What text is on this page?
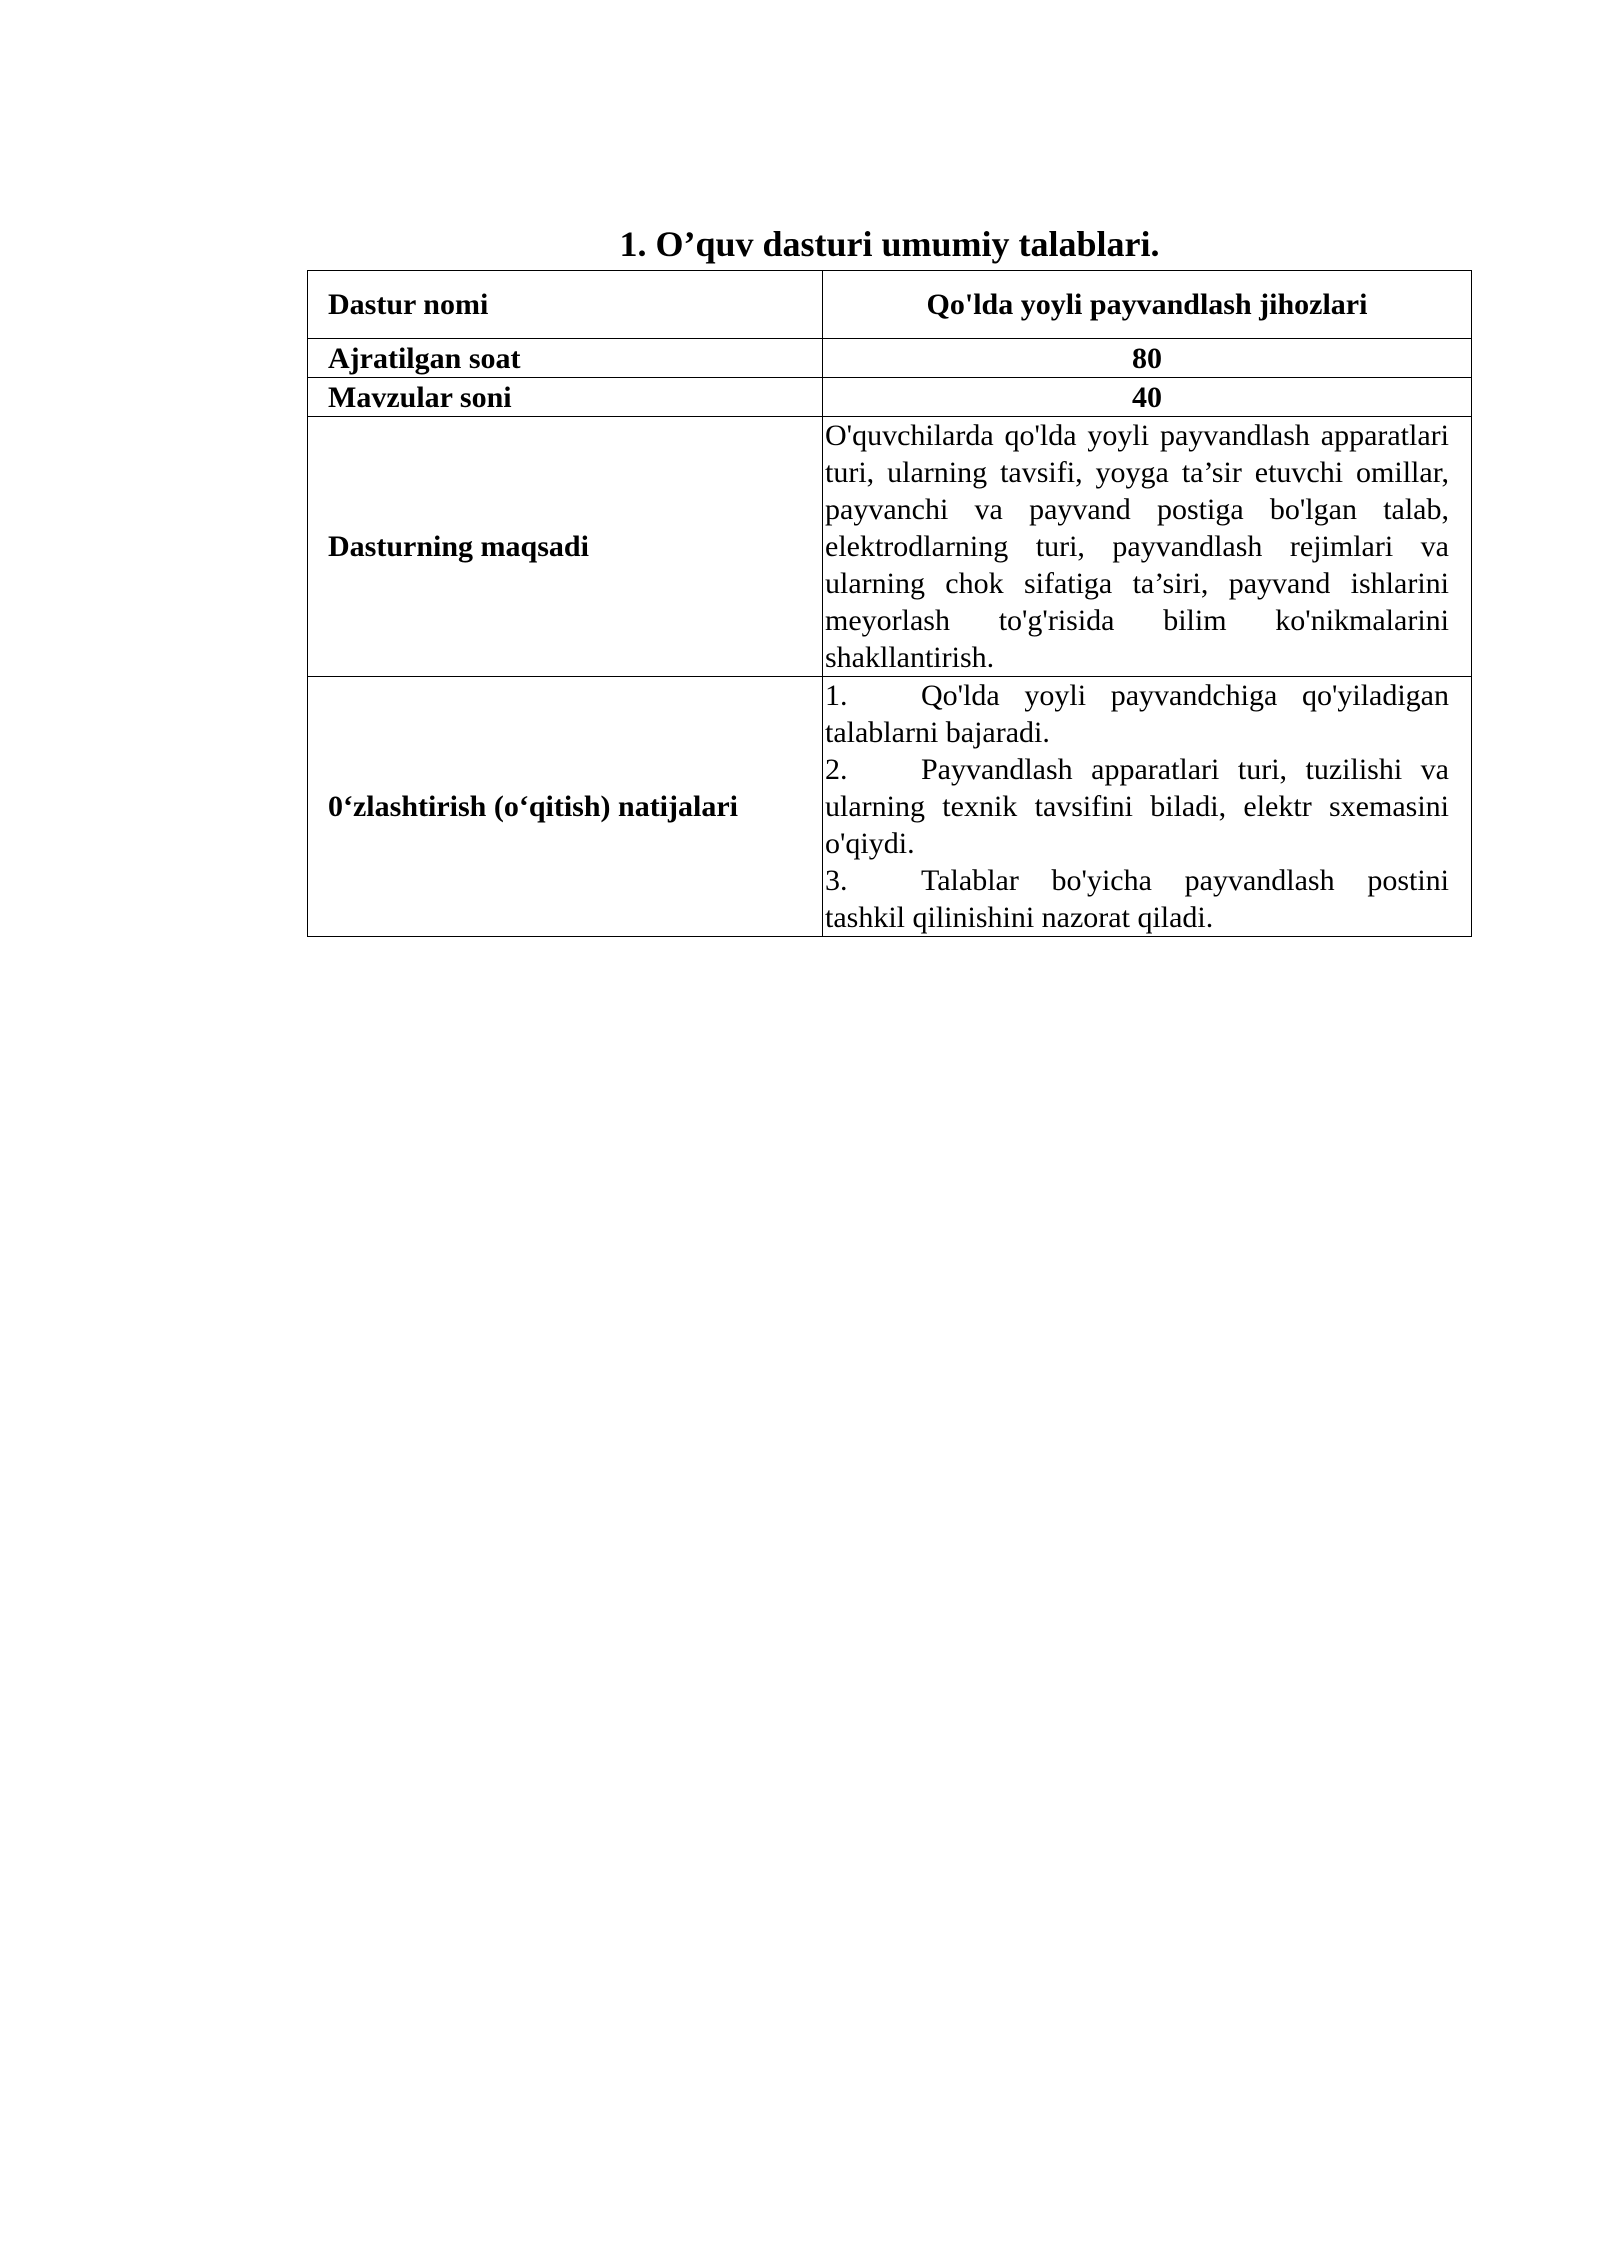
1. O’quv dasturi umumiy talablari.
Dastur nomi	Qo'lda yoyli payvandlash jihozlari
Ajratilgan soat	80
Mavzular soni	40
Dasturning maqsadi	O'quvchilarda qo'lda yoyli payvandlash apparatlari turi, ularning tavsifi, yoyga ta’sir etuvchi omillar, payvanchi va payvand postiga bo'lgan talab, elektrodlarning turi, payvandlash rejimlari va ularning chok sifatiga ta’siri, payvand ishlarini meyorlash to'g'risida bilim ko'nikmalarini shakllantirish.
0‘zlashtirish (o‘qitish) natijalari	1. Qo'lda yoyli payvandchiga qo'yiladigan talablarni bajaradi.
2. Payvandlash apparatlari turi, tuzilishi va ularning texnik tavsifini biladi, elektr sxemasini o'qiydi.
3. Talablar bo'yicha payvandlash postini tashkil qilinishini nazorat qiladi.
